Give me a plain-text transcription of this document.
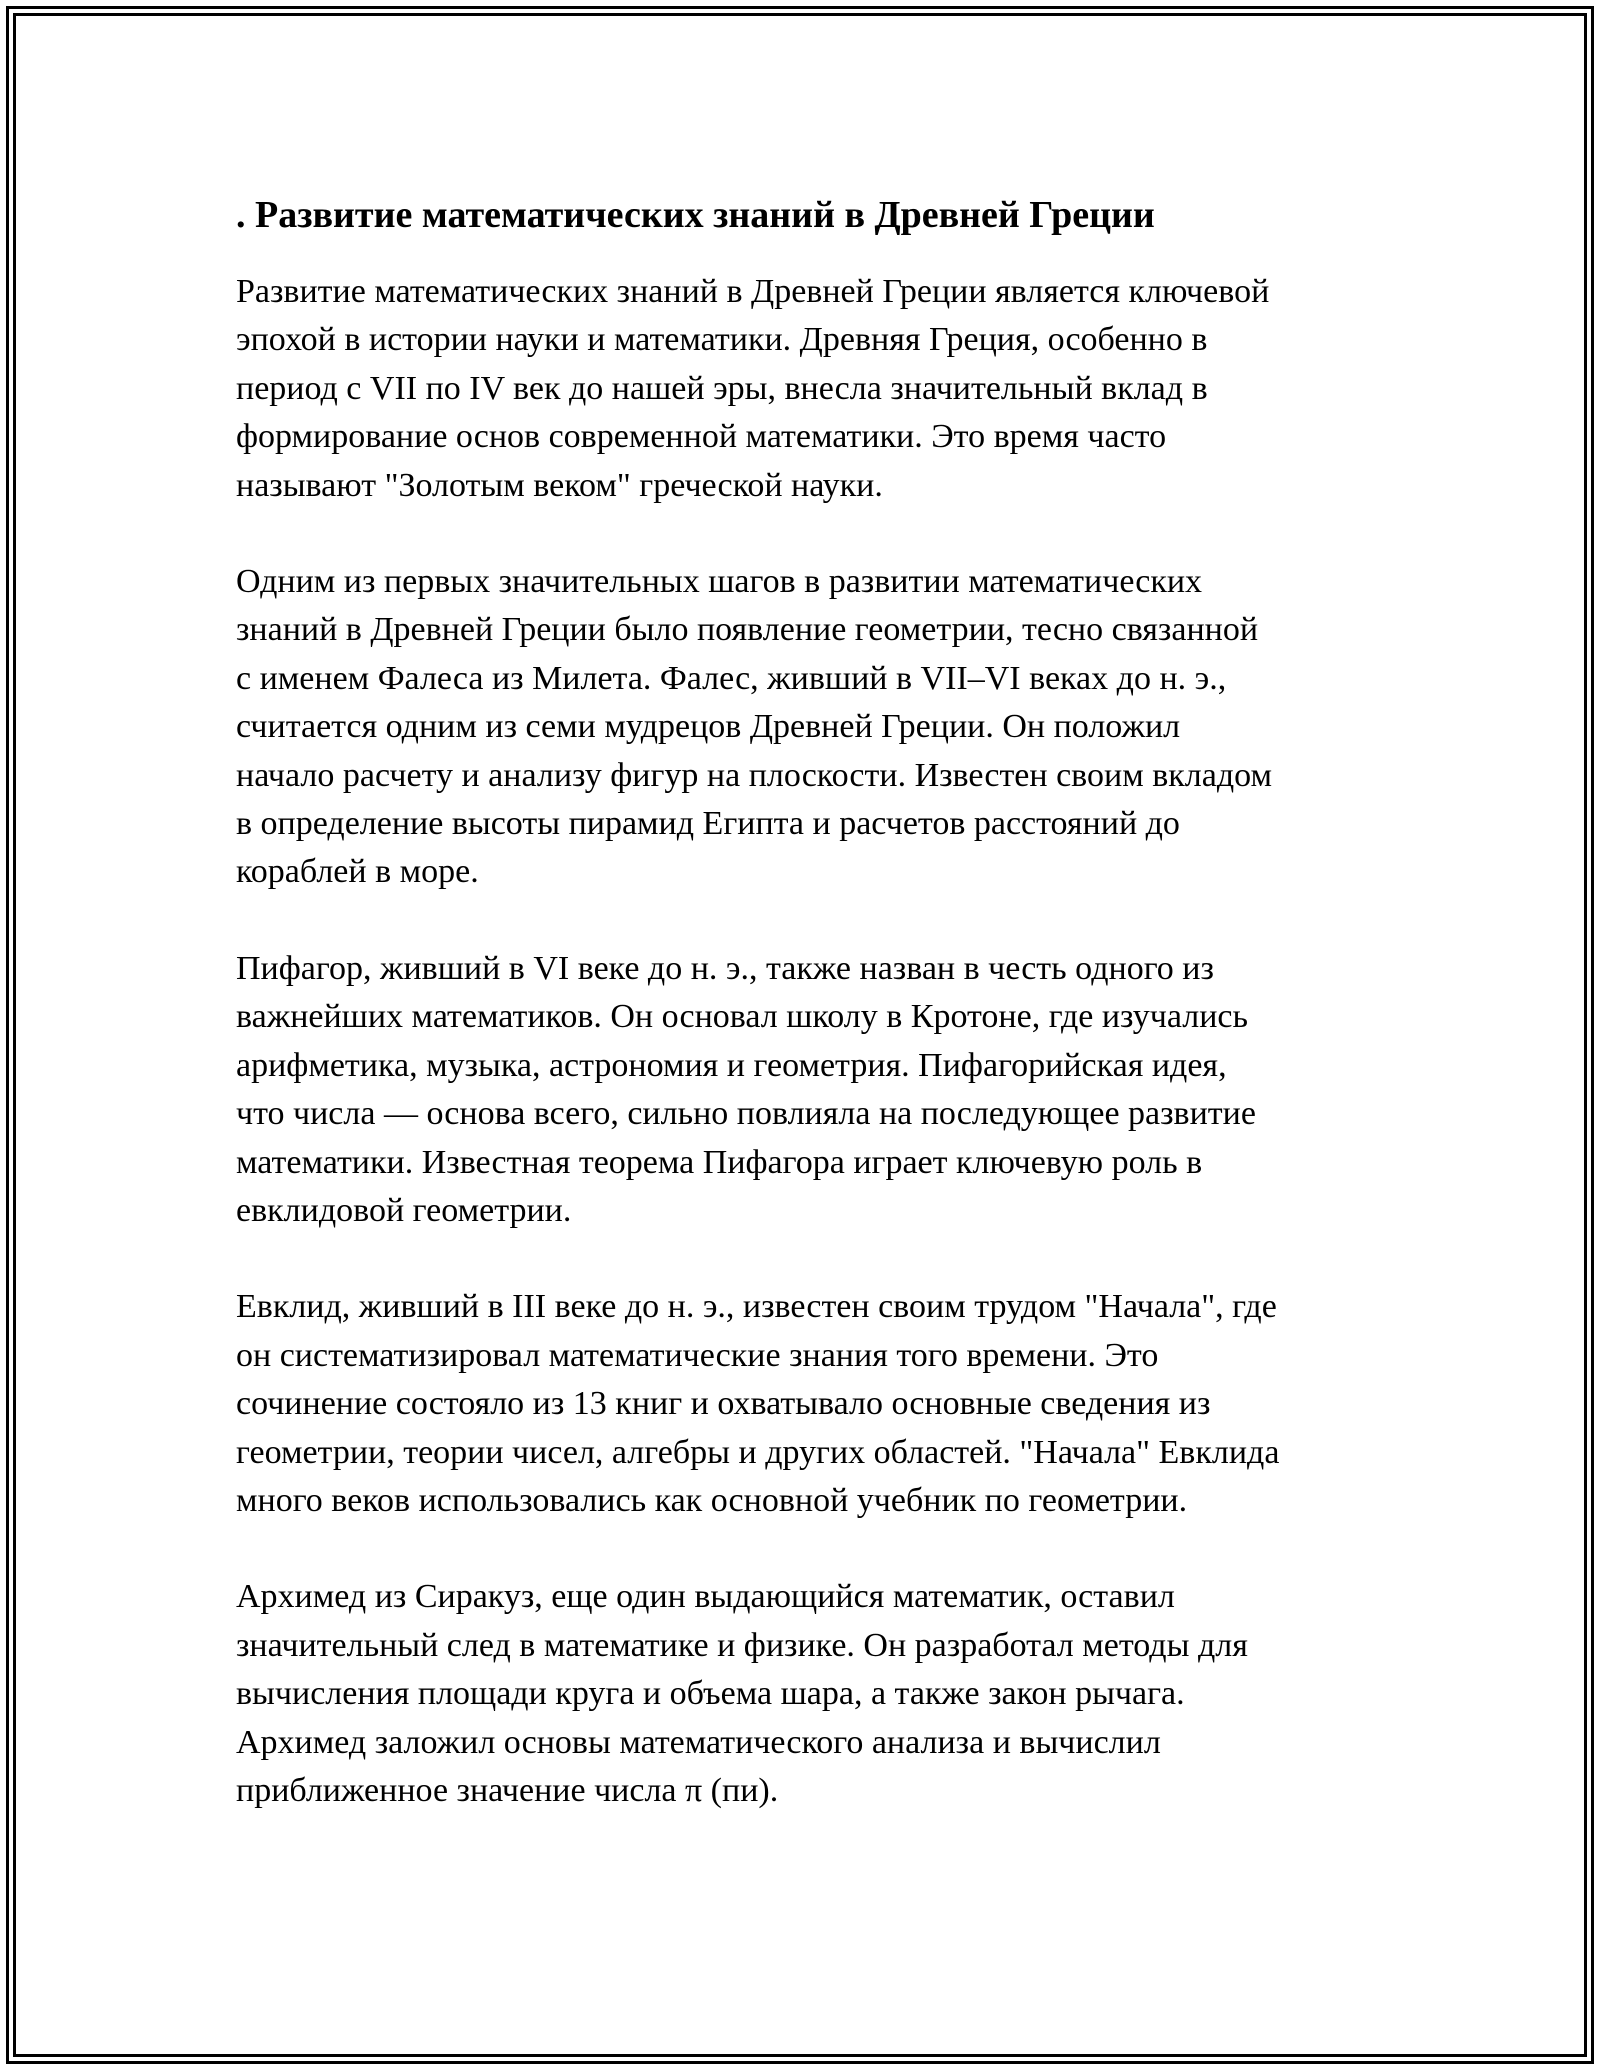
. Развитие математических знаний в Древней Греции

Развитие математических знаний в Древней Греции является ключевой
эпохой в истории науки и математики. Древняя Греция, особенно в
период с VII по IV век до нашей эры, внесла значительный вклад в
формирование основ современной математики. Это время часто
называют "Золотым веком" греческой науки.

Одним из первых значительных шагов в развитии математических
знаний в Древней Греции было появление геометрии, тесно связанной
с именем Фалеса из Милета. Фалес, живший в VII–VI веках до н. э.,
считается одним из семи мудрецов Древней Греции. Он положил
начало расчету и анализу фигур на плоскости. Известен своим вкладом
в определение высоты пирамид Египта и расчетов расстояний до
кораблей в море.

Пифагор, живший в VI веке до н. э., также назван в честь одного из
важнейших математиков. Он основал школу в Кротоне, где изучались
арифметика, музыка, астрономия и геометрия. Пифагорийская идея,
что числа — основа всего, сильно повлияла на последующее развитие
математики. Известная теорема Пифагора играет ключевую роль в
евклидовой геометрии.

Евклид, живший в III веке до н. э., известен своим трудом "Начала", где
он систематизировал математические знания того времени. Это
сочинение состояло из 13 книг и охватывало основные сведения из
геометрии, теории чисел, алгебры и других областей. "Начала" Евклида
много веков использовались как основной учебник по геометрии.

Архимед из Сиракуз, еще один выдающийся математик, оставил
значительный след в математике и физике. Он разработал методы для
вычисления площади круга и объема шара, а также закон рычага.
Архимед заложил основы математического анализа и вычислил
приближенное значение числа π (пи).
